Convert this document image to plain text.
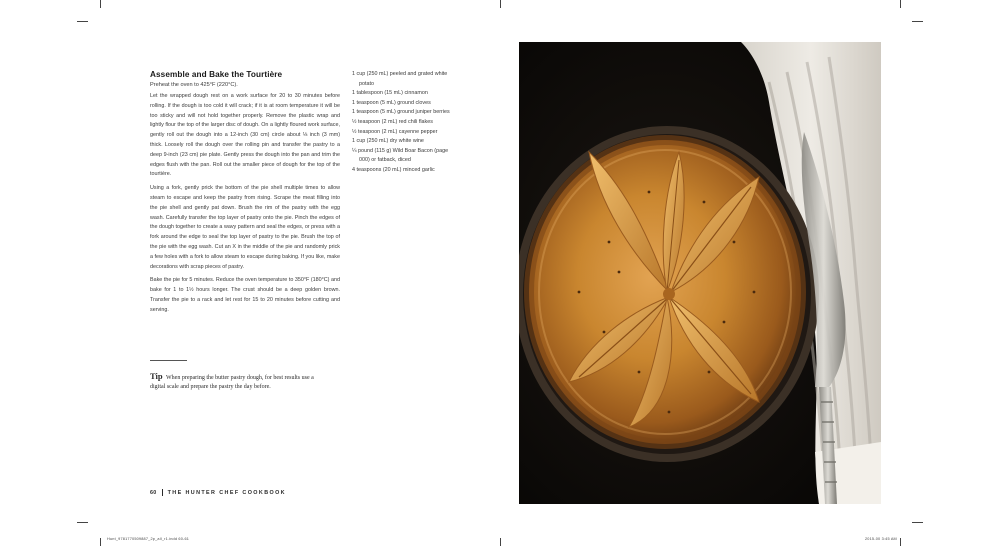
Assemble and Bake the Tourtière
Preheat the oven to 425°F (220°C).

Let the wrapped dough rest on a work surface for 20 to 30 minutes before rolling. If the dough is too cold it will crack; if it is at room temperature it will be too sticky and will not hold together properly. Remove the plastic wrap and lightly flour the top of the larger disc of dough. On a lightly floured work surface, gently roll out the dough into a 12-inch (30 cm) circle about ⅛ inch (3 mm) thick. Loosely roll the dough over the rolling pin and transfer the pastry to a deep 9-inch (23 cm) pie plate. Gently press the dough into the pan and trim the edges flush with the pan. Roll out the smaller piece of dough for the top of the tourtière.

Using a fork, gently prick the bottom of the pie shell multiple times to allow steam to escape and keep the pastry from rising. Scrape the meat filling into the pie shell and gently pat down. Brush the rim of the pastry with the egg wash. Carefully transfer the top layer of pastry onto the pie. Pinch the edges of the dough together to create a wavy pattern and seal the edges, or press with a fork around the edge to seal the top layer of pastry to the pie. Brush the top of the pie with the egg wash. Cut an X in the middle of the pie and randomly prick a few holes with a fork to allow steam to escape during baking. If you like, make decorations with scrap pieces of pastry.

Bake the pie for 5 minutes. Reduce the oven temperature to 350°F (180°C) and bake for 1 to 1½ hours longer. The crust should be a deep golden brown. Transfer the pie to a rack and let rest for 15 to 20 minutes before cutting and serving.

Tip When preparing the butter pastry dough, for best results use a digital scale and prepare the pastry the day before.
1 cup (250 mL) peeled and grated white potato
1 tablespoon (15 mL) cinnamon
1 teaspoon (5 mL) ground cloves
1 teaspoon (5 mL) ground juniper berries
½ teaspoon (2 mL) red chili flakes
½ teaspoon (2 mL) cayenne pepper
1 cup (250 mL) dry white wine
¼ pound (115 g) Wild Boar Bacon (page 000) or fatback, diced
4 teaspoons (20 mL) minced garlic
60 THE HUNTER CHEF COOKBOOK
Hunt_9781770509887_2p_all_r1.indd 60-61	2015-00 3:45 AM
